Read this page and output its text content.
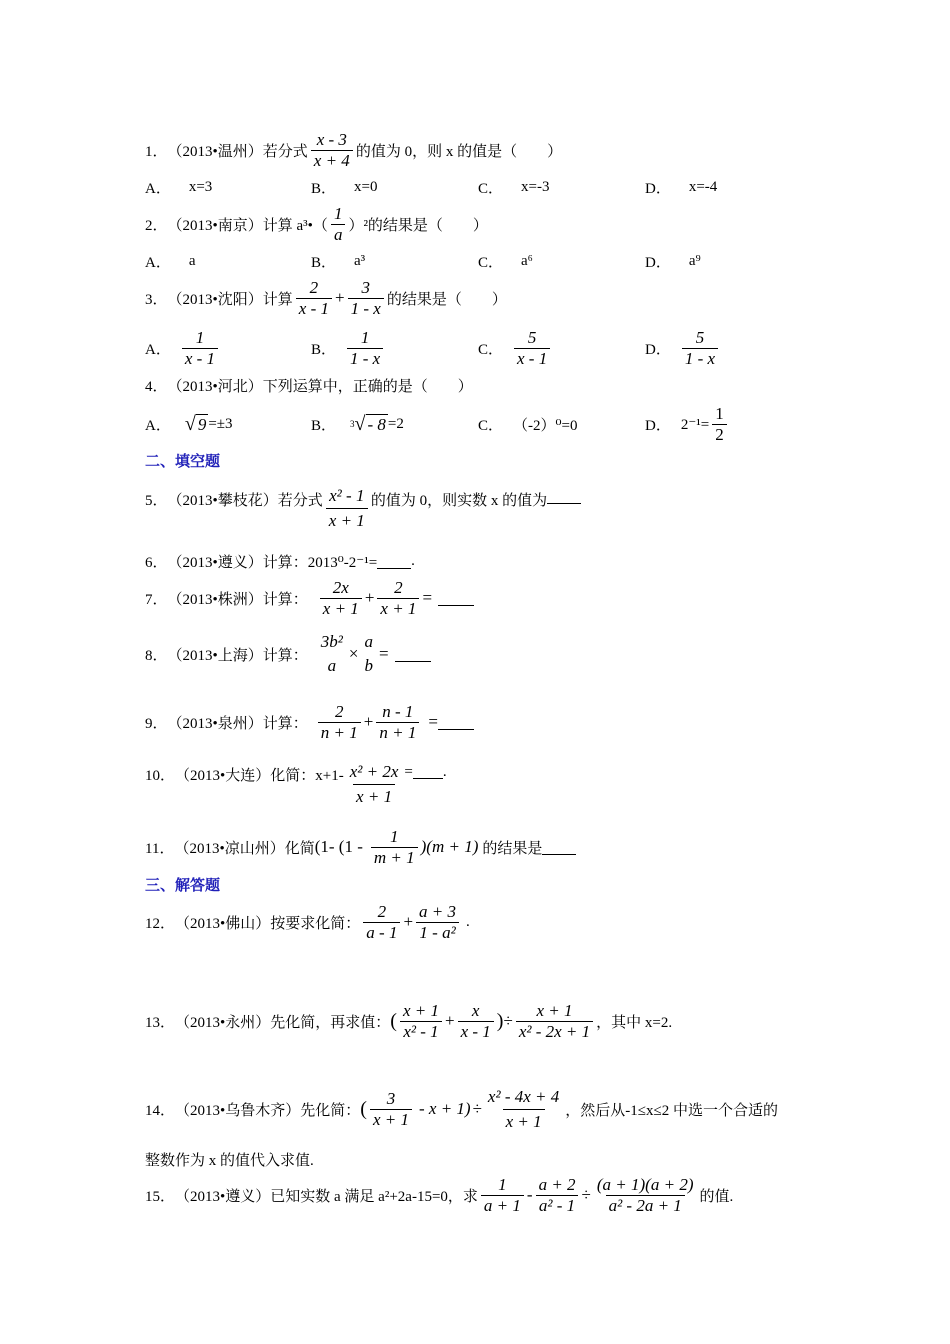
1． （2013•温州）若分式 $\frac{x - 3}{x + 4}$ 的值为 0，则 x 的值是（　　）
A． x=3	B． x=0	C． x=-3	D． x=-4
2． （2013•南京）计算 a³•（ $\frac{1}{a} )^2$的结果是（　　）
A． a	B． a³	C． a⁶	D． a⁹
3． （2013•沈阳）计算 $\frac{2}{x - 1} + \frac{3}{1 - x}$ 的结果是（　　）
A． $\frac{1}{x - 1}$	B． $\frac{1}{1 - x}$	C． $\frac{5}{x - 1}$	D． $\frac{5}{1 - x}$
4． （2013•河北）下列运算中，正确的是（　　）
A． √ 9 =±3	B． 3 √ - 8 =2	C． （-2）⁰=0	D． $2^{-1}= \frac{1}{2}$
二、填空题
5． （2013•攀枝花）若分式 $\frac{\text{x² - 1}}{x + 1}$ 的值为 0，则实数 x 的值为
6． （2013•遵义）计算：2013⁰-2⁻¹= .
7． （2013•株洲）计算： $\frac{2x}{x + 1} + \frac{2}{x + 1}$ =
8． （2013•上海）计算：
3b²
a
×
a
b
=
9． （2013•泉州）计算： $\frac{2}{n + 1} + \frac{n - 1}{n + 1}$ =
10． （2013•大连）化简：$x+1- \frac{\text{x² + 2x}}{x + 1}$ = .
11． （2013•凉山州）化简 (1- $(1 - \frac{1}{m + 1} )(m + 1)$ 的结果是
三、解答题
12． （2013•佛山）按要求化简： $\frac{2}{a - 1} + \frac{a + 3}{\text{1 - a²}}$ .
13． （2013•永州）先化简，再求值： ( $\frac{x + 1}{\text{x² - 1}} + \frac{x}{x - 1}$ ) ÷ $\frac{x + 1}{\text{x² - 2x + 1}}$ ，其中 x=2.
14． （2013•乌鲁木齐）先化简： ( $\frac{3}{x + 1} - x + 1) \div \frac{\text{x² - 4x + 4}}{x + 1}$ ，然后从-1≤x≤2 中选一个合适的
整数作为 x 的值代入求值.
15． （2013•遵义）已知实数 a 满足 a²+2a-15=0，求 $\frac{1}{a + 1} - \frac{a + 2}{\text{a² - 1}} \div \frac{(a + 1)(a + 2)}{\text{a² - 2a + 1}}$ 的值.
